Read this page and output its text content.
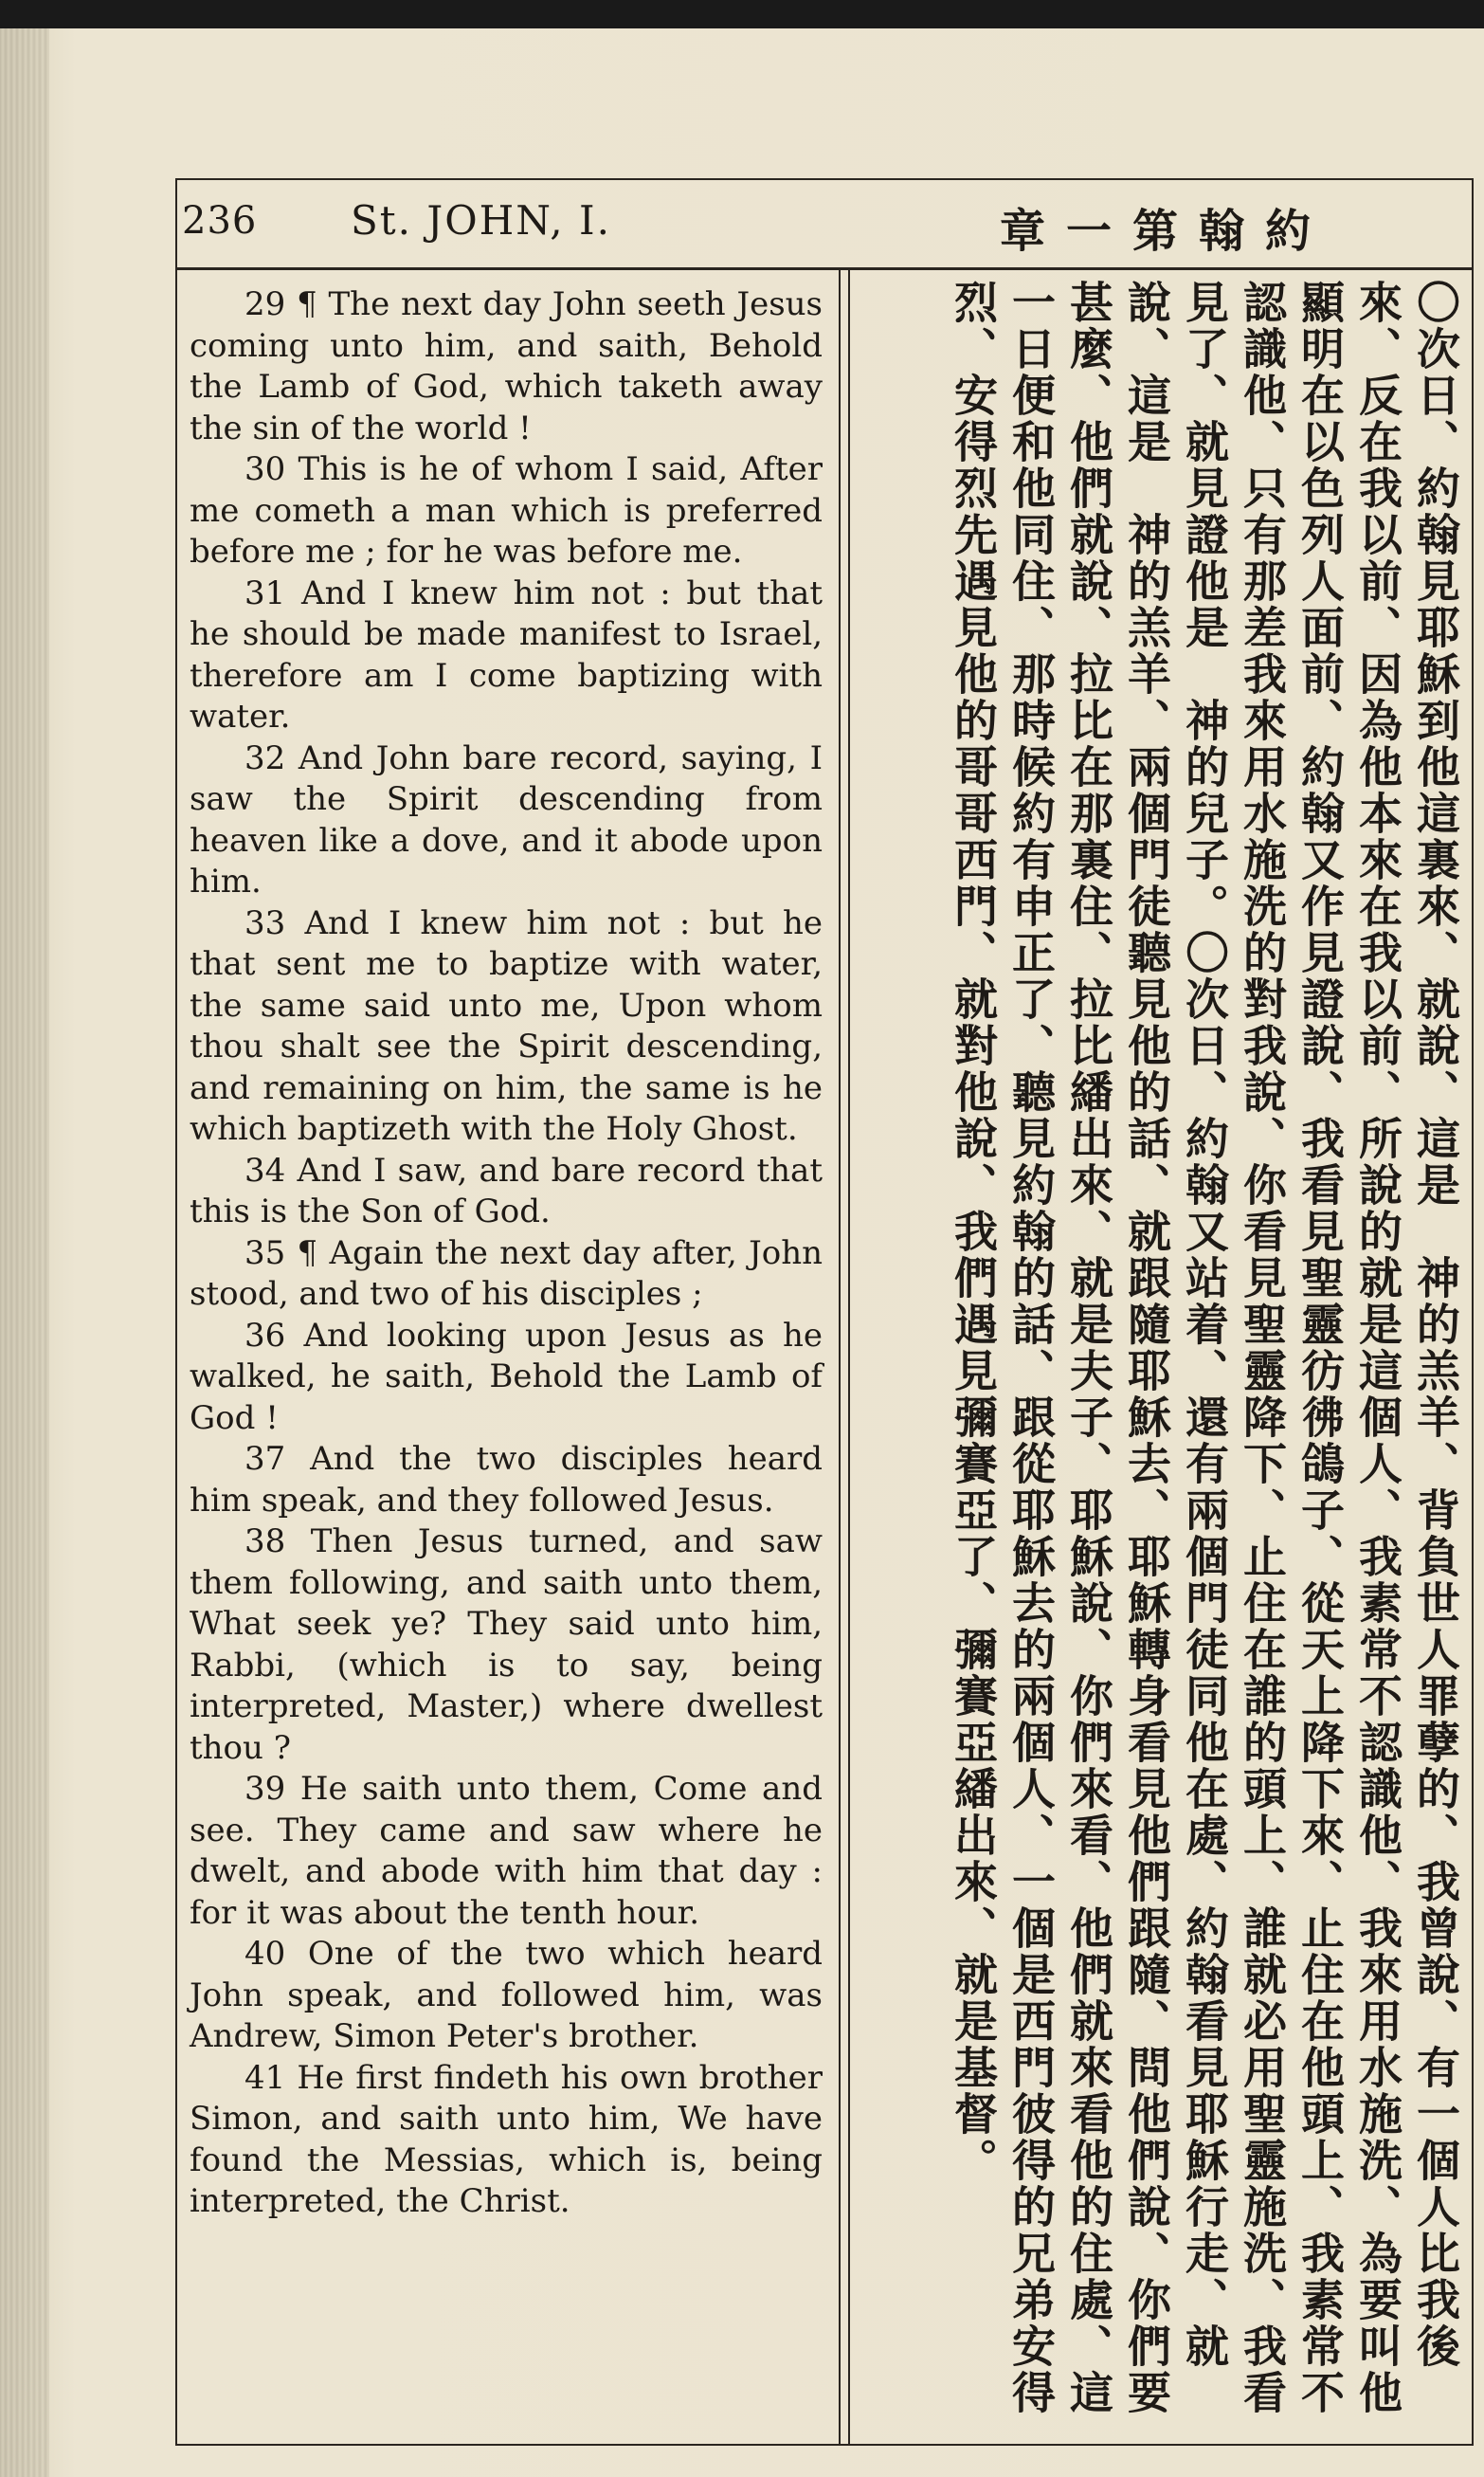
236 St. JOHN, I.	約翰第一章

29 ¶ The next day John seeth Jesus coming unto him, and saith, Behold the Lamb of God, which taketh away the sin of the world !

30 This is he of whom I said, After me cometh a man which is preferred before me ; for he was before me.

31 And I knew him not : but that he should be made manifest to Israel, therefore am I come baptizing with water.

32 And John bare record, saying, I saw the Spirit descending from heaven like a dove, and it abode upon him.

33 And I knew him not : but he that sent me to baptize with water, the same said unto me, Upon whom thou shalt see the Spirit descending, and remaining on him, the same is he which baptizeth with the Holy Ghost.

34 And I saw, and bare record that this is the Son of God.

35 ¶ Again the next day after, John stood, and two of his disciples ;

36 And looking upon Jesus as he walked, he saith, Behold the Lamb of God !

37 And the two disciples heard him speak, and they followed Jesus.

38 Then Jesus turned, and saw them following, and saith unto them, What seek ye? They said unto him, Rabbi, (which is to say, being interpreted, Master,) where dwellest thou ?

39 He saith unto them, Come and see. They came and saw where he dwelt, and abode with him that day : for it was about the tenth hour.

40 One of the two which heard John speak, and followed him, was Andrew, Simon Peter's brother.

41 He first findeth his own brother Simon, and saith unto him, We have found the Messias, which is, being interpreted, the Christ.	〇次日、約翰見耶穌到他這裏來、就說、這是　神的羔羊、背負世人罪孽的、我曾說、有一個人比我後來、反在我以前、因為他本來在我以前、所說的就是這個人、我素常不認識他、我來用水施洗、為要叫他顯明在以色列人面前、約翰又作見證說、我看見聖靈彷彿鴿子、從天上降下來、止住在他頭上、我素常不認識他、只有那差我來用水施洗的對我說、你看見聖靈降下、止住在誰的頭上、誰就必用聖靈施洗、我看見了、就見證他是　神的兒子。〇次日、約翰又站着、還有兩個門徒同他在處、約翰看見耶穌行走、就說、這是　神的羔羊、兩個門徒聽見他的話、就跟隨耶穌去、耶穌轉身看見他們跟隨、問他們說、你們要甚麼、他們就說、拉比在那裏住、拉比繙出來、就是夫子、耶穌說、你們來看、他們就來看他的住處、這一日便和他同住、那時候約有申正了、聽見約翰的話、跟從耶穌去的兩個人、一個是西門彼得的兄弟安得烈、安得烈先遇見他的哥哥西門、就對他說、我們遇見彌賽亞了、彌賽亞繙出來、就是基督。
